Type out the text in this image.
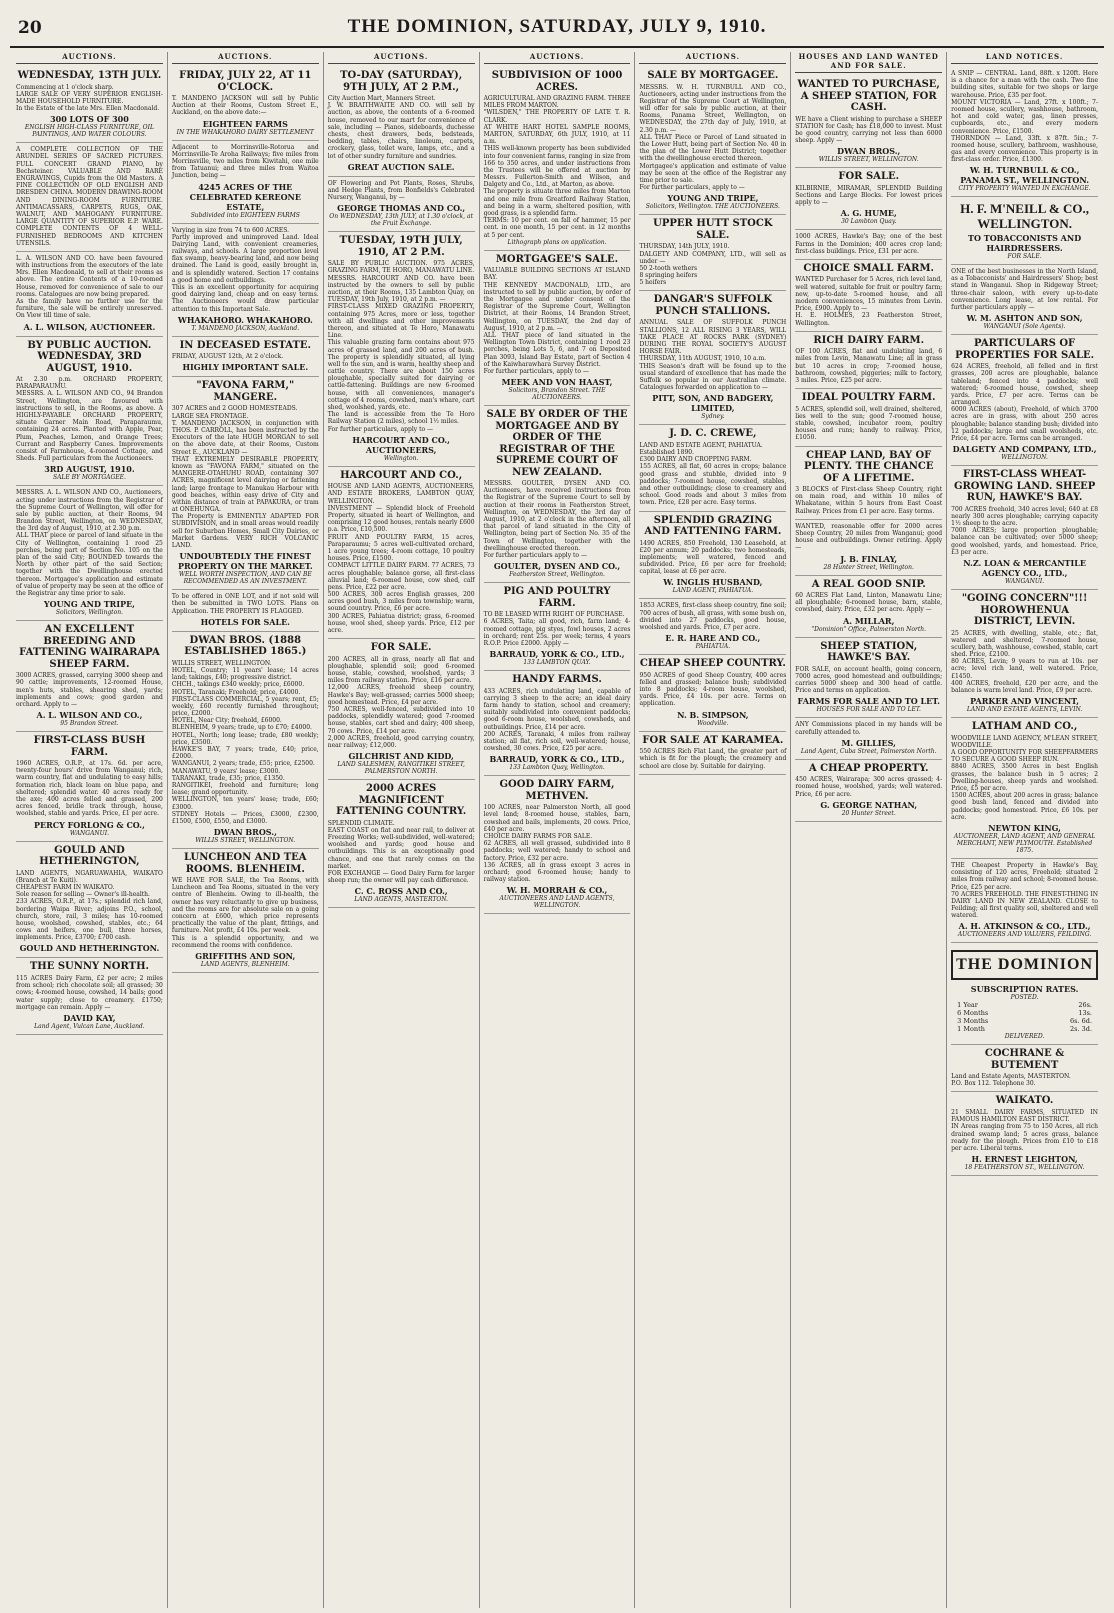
20	THE DOMINION, SATURDAY, JULY 9, 1910.
AUCTIONS.
WEDNESDAY, 13TH JULY.

Commencing at 1 o'clock sharp.
LARGE SALE OF VERY SUPERIOR ENGLISH-MADE HOUSEHOLD FURNITURE.
In the Estate of the late Mrs. Ellen Macdonald.

300 LOTS OF 300
ENGLISH HIGH-CLASS FURNITURE, OIL PAINTINGS, AND WATER COLOURS.

A COMPLETE COLLECTION OF THE ARUNDEL SERIES OF SACRED PICTURES. FULL CONCERT GRAND PIANO, by Bechsteiner. VALUABLE AND RARE ENGRAVINGS, Cupids from the Old Masters. A FINE COLLECTION OF OLD ENGLISH AND DRESDEN CHINA. MODERN DRAWING-ROOM AND DINING-ROOM FURNITURE. ANTIMACASSARS, CARPETS, RUGS, OAK, WALNUT, AND MAHOGANY FURNITURE. LARGE QUANTITY OF SUPERIOR E.P. WARE. COMPLETE CONTENTS OF 4 WELL-FURNISHED BEDROOMS AND KITCHEN UTENSILS.

L. A. WILSON AND CO. have been favoured with instructions from the executors of the late Mrs. Ellen Macdonald, to sell at their rooms as above. The entire Contents of a 10-roomed House, removed for convenience of sale to our rooms. Catalogues are now being prepared.
As the family have no further use for the furniture, the sale will be entirely unreserved. On View till time of sale.

A. L. WILSON, AUCTIONEER.
BY PUBLIC AUCTION. WEDNESDAY, 3RD AUGUST, 1910.

At 2.30 p.m. ORCHARD PROPERTY, PARAPARAUMU.
MESSRS. A. L. WILSON AND CO., 94 Brandon Street, Wellington, are favoured with instructions to sell, in the Rooms, as above. A HIGHLY-PAYABLE ORCHARD PROPERTY, situate Garner Main Road, Paraparaumu, containing 24 acres. Planted with Apple, Pear, Plum, Peaches, Lemon, and Orange Trees; Currant and Raspberry Canes. Improvements consist of Farmhouse, 4-roomed Cottage, and Sheds. Full particulars from the Auctioneers.

3RD AUGUST, 1910.
SALE BY MORTGAGEE.

MESSRS. A. L. WILSON AND CO., Auctioneers, acting under instructions from the Registrar of the Supreme Court of Wellington, will offer for sale by public auction, at their Rooms, 94 Brandon Street, Wellington, on WEDNESDAY, the 3rd day of August, 1910, at 2.30 p.m.
ALL THAT piece or parcel of land situate in the City of Wellington, containing 1 rood 25 perches, being part of Section No. 105 on the plan of the said City; BOUNDED towards the North by other part of the said Section; together with the Dwellinghouse erected thereon. Mortgagee's application and estimate of value of property may be seen at the office of the Registrar any time prior to sale.

YOUNG AND TRIPE,
Solicitors, Wellington.
AN EXCELLENT BREEDING AND FATTENING WAIRARAPA SHEEP FARM.

3000 ACRES, grassed, carrying 3000 sheep and 90 cattle; improvements, 12-roomed House, men's huts, stables, shearing shed, yards; implements and cows; good garden and orchard. Apply to —

A. L. WILSON AND CO.,
95 Brandon Street.
FIRST-CLASS BUSH FARM.

1960 ACRES, O.R.P., at 17s. 6d. per acre, twenty-four hours' drive from Wanganui; rich, warm country, flat and undulating to easy hills; formation rich, black loam on blue papa, and sheltered; splendid water. 40 acres ready for the axe; 400 acres felled and grassed, 200 acres fenced, bridle track through, house, woolshed, stable and yards. Price, £1 per acre.

PERCY FORLONG & CO.,
WANGANUI.
GOULD AND HETHERINGTON,

LAND AGENTS, NGARUAWAHIA, WAIKATO (Branch at Te Kuiti).
CHEAPEST FARM IN WAIKATO.
Sole reason for selling — Owner's ill-health.
233 ACRES, O.R.P., at 17s.; splendid rich land, bordering Waipa River; adjoins P.O., school, church, store, rail, 3 miles; has 10-roomed house, woolshed, cowshed, stables, etc.; 64 cows and heifers, one bull, three horses, implements. Price, £3700; £700 cash.

GOULD AND HETHERINGTON.
THE SUNNY NORTH.

115 ACRES Dairy Farm, £2 per acre; 2 miles from school; rich chocolate soil; all grassed; 30 cows; 4-roomed house, cowshed, 14 bails; good water supply; close to creamery. £1750; mortgage can remain. Apply —

DAVID KAY,
Land Agent, Vulcan Lane, Auckland.
AUCTIONS.
FRIDAY, JULY 22, AT 11 O'CLOCK.

T. MANDENO JACKSON will sell by Public Auction at their Rooms, Custom Street E., Auckland, on the above date:—

EIGHTEEN FARMS
IN THE WHAKAHORO DAIRY SETTLEMENT

Adjacent to Morrinsville-Rotorua and Morrinsville-Te Aroha Railways; five miles from Morrinsville, two miles from Kiwitahi, one mile from Tatuanui; and three miles from Waitoa Junction, being —

4245 ACRES OF THE CELEBRATED KEREONE ESTATE,
Subdivided into EIGHTEEN FARMS

Varying in size from 74 to 600 ACRES.
Partly improved and unimproved Land. Ideal Dairying Land, with convenient creameries, railways, and schools. A large proportion level flax swamp, heavy-bearing land, and now being drained. The Land is good, easily brought in, and is splendidly watered. Section 17 contains a good home and outbuildings.
This is an excellent opportunity for acquiring good dairying land, cheap and on easy terms. The Auctioneers would draw particular attention to this Important Sale.

WHAKAHORO. WHAKAHORO.
T. MANDENO JACKSON, Auckland.
IN DECEASED ESTATE.

FRIDAY, AUGUST 12th, At 2 o'clock.

HIGHLY IMPORTANT SALE.
"FAVONA FARM," MANGERE.

307 ACRES and 2 GOOD HOMESTEADS.
LARGE SEA FRONTAGE.
T. MANDENO JACKSON, in conjunction with THOS. P. CARROLL, has been instructed by the Executors of the late HUGH MORGAN to sell on the above date, at their Rooms, Custom Street E., AUCKLAND —
THAT EXTREMELY DESIRABLE PROPERTY, known as "FAVONA FARM," situated on the MANGERE-OTAHUHU ROAD, containing 307 ACRES, magnificent level dairying or fattening land; large frontage to Manukau Harbour with good beaches, within easy drive of City and within distance of train at PAPAKURA, or tram at ONEHUNGA.
The Property is EMINENTLY ADAPTED FOR SUBDIVISION, and in small areas would readily sell for Suburban Homes, Small City Dairies, or Market Gardens. VERY RICH VOLCANIC LAND.

UNDOUBTEDLY THE FINEST PROPERTY ON THE MARKET.
WELL WORTH INSPECTION, AND CAN BE RECOMMENDED AS AN INVESTMENT.

To be offered in ONE LOT, and if not sold will then be submitted in TWO LOTS. Plans on Application. THE PROPERTY IS FLAGGED.

HOTELS FOR SALE.
DWAN BROS. (1888 ESTABLISHED 1865.)

WILLIS STREET, WELLINGTON.
HOTEL, Country; 11 years' lease; 14 acres land; takings, £40; progressive district.
CHCH., takings £340 weekly; price, £6000.
HOTEL, Taranaki; Freehold; price, £4000.
FIRST-CLASS COMMERCIAL, 5 years; rent, £5; weekly, £60 recently furnished throughout; price, £2000.
HOTEL, Near City; freehold, £6000.
BLENHEIM, 9 years; trade, up to £70; £4000.
HOTEL, North; long lease; trade, £80 weekly; price, £3500.
HAWKE'S BAY, 7 years; trade, £40; price, £2000.
WANGANUI, 2 years; trade, £55; price, £2500.
MANAWATU, 9 years' lease; £3000.
TARANAKI, trade, £35; price, £1350.
RANGITIKEI, freehold and furniture; long lease; grand opportunity.
WELLINGTON, ten years' lease; trade, £60; £3000.
STDNEY Hotels — Prices, £3000, £2300, £1500, £500, £550, and £3000.

DWAN BROS.,
WILLIS STREET, WELLINGTON.
LUNCHEON AND TEA ROOMS. BLENHEIM.

WE HAVE FOR SALE, the Tea Rooms, with Luncheon and Tea Rooms, situated in the very centre of Blenheim. Owing to ill-health, the owner has very reluctantly to give up business, and the rooms are for absolute sale on a going concern at £600, which price represents practically the value of the plant, fittings, and furniture. Net profit, £4 10s. per week.
This is a splendid opportunity, and we recommend the rooms with confidence.

GRIFFITHS AND SON,
LAND AGENTS, BLENHEIM.
AUCTIONS.
TO-DAY (SATURDAY), 9TH JULY, AT 2 P.M.,

City Auction Mart, Manners Street.
J. W. BRAITHWAITE AND CO. will sell by auction, as above, the contents of a 6-roomed house, removed to our mart for convenience of sale, including — Pianos, sideboards, duchesse chests, chest drawers, beds, bedsteads, bedding, tables, chairs, linoleum, carpets, crockery, glass, toilet ware, lamps, etc., and a lot of other sundry furniture and sundries.

GREAT AUCTION SALE.

OF Flowering and Pot Plants, Roses, Shrubs, and Hedge Plants, from Bonfields's Celebrated Nursery, Wanganui, by —

GEORGE THOMAS AND CO.,
On WEDNESDAY, 13th JULY, at 1.30 o'clock, at the Fruit Exchange.
TUESDAY, 19TH JULY, 1910, AT 2 P.M.

SALE BY PUBLIC AUCTION. 975 ACRES, GRAZING FARM, TE HORO, MANAWATU LINE.
MESSRS. HARCOURT AND CO. have been instructed by the owners to sell by public auction, at their Rooms, 135 Lambton Quay, on TUESDAY, 19th July, 1910, at 2 p.m. —
FIRST-CLASS MIXED GRAZING PROPERTY, containing 975 Acres, more or less, together with all dwellings and other improvements thereon, and situated at Te Horo, Manawatu Line.
This valuable grazing farm contains about 975 acres of grassed land, and 200 acres of bush. The property is splendidly situated, all lying well to the sun, and is warm, healthy sheep and cattle country. There are about 150 acres ploughable, specially suited for dairying or cattle-fattening. Buildings are new 6-roomed house, with all conveniences, manager's cottage of 4 rooms, cowshed, man's whare, cart shed, woolshed, yards, etc.
The land is accessible from the Te Horo Railway Station (2 miles), school 1½ miles.
For further particulars, apply to —

HARCOURT AND CO., AUCTIONEERS,
Wellington.
HARCOURT AND CO.,

HOUSE AND LAND AGENTS, AUCTIONEERS, AND ESTATE BROKERS, LAMBTON QUAY, WELLINGTON.
INVESTMENT — Splendid block of Freehold Property, situated in heart of Wellington, and comprising 12 good houses, rentals nearly £600 p.a. Price, £10,500.
FRUIT AND POULTRY FARM, 15 acres, Paraparaumu; 5 acres well-cultivated orchard, 1 acre young trees; 4-room cottage, 10 poultry houses. Price, £1500.
COMPACT LITTLE DAIRY FARM. 77 ACRES, 73 acres ploughable; balance gorse, all first-class alluvial land; 6-roomed house, cow shed, calf pens. Price, £22 per acre.
500 ACRES, 300 acres English grasses, 200 acres good bush, 3 miles from township; warm, sound country. Price, £6 per acre.
300 ACRES, Pahiatua district; grass, 6-roomed house, wool shed, sheep yards. Price, £12 per acre.

FOR SALE.

200 ACRES, all in grass, nearly all flat and ploughable, splendid soil; good 6-roomed house, stable, cowshed, woolshed, yards; 3 miles from railway station. Price, £16 per acre.
12,000 ACRES, freehold sheep country, Hawke's Bay; well-grassed; carries 5000 sheep; good homestead. Price, £4 per acre.
750 ACRES, well-fenced, subdivided into 10 paddocks, splendidly watered; good 7-roomed house, stables, cart shed and dairy; 400 sheep, 70 cows. Price, £14 per acre.
2,000 ACRES, freehold, good carrying country, near railway; £12,000.

GILCHRIST AND KIDD,
LAND SALESMEN, RANGITIKEI STREET, PALMERSTON NORTH.
2000 ACRES MAGNIFICENT FATTENING COUNTRY.

SPLENDID CLIMATE.
EAST COAST on flat and near rail, to deliver at Freezing Works; well-subdivided, well-watered; woolshed and yards; good house and outbuildings. This is an exceptionally good chance, and one that rarely comes on the market.
FOR EXCHANGE — Good Dairy Farm for larger sheep run; the owner will pay cash difference.

C. C. ROSS AND CO.,
LAND AGENTS, MASTERTON.
AUCTIONS.
SUBDIVISION OF 1000 ACRES.

AGRICULTURAL AND GRAZING FARM. THREE MILES FROM MARTON.
"WILSDEN," THE PROPERTY OF LATE T. R. CLARK.
AT WHITE HART HOTEL SAMPLE ROOMS, MARTON, SATURDAY, 6th JULY, 1910, at 11 a.m.
THIS well-known property has been subdivided into four convenient farms, ranging in size from 166 to 350 acres, and under instructions from the Trustees will be offered at auction by Messrs. Fullerton-Smith and Wilson, and Dalgety and Co., Ltd., at Marton, as above.
The property is situate three miles from Marton and one mile from Greatford Railway Station, and being in a warm, sheltered position, with good grass, is a splendid farm.
TERMS: 10 per cent. on fall of hammer, 15 per cent. in one month, 15 per cent. in 12 months at 5 per cent.

Lithograph plans on application.
MORTGAGEE'S SALE.

VALUABLE BUILDING SECTIONS AT ISLAND BAY.
THE KENNEDY MACDONALD, LTD., are instructed to sell by public auction, by order of the Mortgagee and under consent of the Registrar of the Supreme Court, Wellington District, at their Rooms, 14 Brandon Street, Wellington, on TUESDAY, the 2nd day of August, 1910, at 2 p.m. —
ALL THAT piece of land situated in the Wellington Town District, containing 1 rood 23 perches, being Lots 5, 6, and 7 on Deposited Plan 3093, Island Bay Estate, part of Section 4 of the Kaiwharawhara Survey District.
For further particulars, apply to —

MEEK AND VON HAAST,
Solicitors, Brandon Street. THE AUCTIONEERS.
SALE BY ORDER OF THE MORTGAGEE AND BY ORDER OF THE REGISTRAR OF THE SUPREME COURT OF NEW ZEALAND.

MESSRS. GOULTER, DYSEN AND CO. Auctioneers, have received instructions from the Registrar of the Supreme Court to sell by auction at their rooms in Featherston Street, Wellington, on WEDNESDAY, the 3rd day of August, 1910, at 2 o'clock in the afternoon, all that parcel of land situated in the City of Wellington, being part of Section No. 35 of the Town of Wellington, together with the dwellinghouse erected thereon.
For further particulars apply to —

GOULTER, DYSEN AND CO.,
Featherston Street, Wellington.
PIG AND POULTRY FARM.

TO BE LEASED WITH RIGHT OF PURCHASE.
6 ACRES, Taita; all good, rich, farm land; 4-roomed cottage, pig styes, fowl houses, 2 acres in orchard; rent 25s. per week; terms, 4 years R.O.P. Price £2000. Apply —

BARRAUD, YORK & CO., LTD.,
133 LAMBTON QUAY.
HANDY FARMS.

433 ACRES, rich undulating land, capable of carrying 3 sheep to the acre; an ideal dairy farm handy to station, school and creamery; suitably subdivided into convenient paddocks; good 6-room house, woolshed, cowsheds, and outbuildings. Price, £14 per acre.
200 ACRES, Taranaki, 4 miles from railway station; all flat, rich soil, well-watered; house, cowshed, 30 cows. Price, £25 per acre.

BARRAUD, YORK & CO., LTD.,
133 Lambton Quay, Wellington.
GOOD DAIRY FARM, METHVEN.

100 ACRES, near Palmerston North, all good level land; 8-roomed house, stables, barn, cowshed and bails, implements, 20 cows. Price, £40 per acre.
CHOICE DAIRY FARMS FOR SALE.
62 ACRES, all well grassed, subdivided into 8 paddocks; well watered; handy to school and factory. Price, £32 per acre.
136 ACRES, all in grass except 3 acres in orchard; good 6-roomed house; handy to railway station.

W. H. MORRAH & CO.,
AUCTIONEERS AND LAND AGENTS, WELLINGTON.
AUCTIONS.
SALE BY MORTGAGEE.

MESSRS. W. H. TURNBULL AND CO., Auctioneers, acting under instructions from the Registrar of the Supreme Court at Wellington, will offer for sale by public auction, at their Rooms, Panama Street, Wellington, on WEDNESDAY, the 27th day of July, 1910, at 2.30 p.m. —
ALL THAT Piece or Parcel of Land situated in the Lower Hutt, being part of Section No. 40 in the plan of the Lower Hutt District; together with the dwellinghouse erected thereon.
Mortgagee's application and estimate of value may be seen at the office of the Registrar any time prior to sale.
For further particulars, apply to —

YOUNG AND TRIPE,
Solicitors, Wellington. THE AUCTIONEERS.
UPPER HUTT STOCK SALE.

THURSDAY, 14th JULY, 1910.
DALGETY AND COMPANY, LTD., will sell as under —
50 2-tooth wethers
8 springing heifers
5 heifers

DANGAR'S SUFFOLK PUNCH STALLIONS.

ANNUAL SALE OF SUFFOLK PUNCH STALLIONS, 12 ALL RISING 3 YEARS, WILL TAKE PLACE AT ROCKS PARK (SYDNEY) DURING THE ROYAL SOCIETY'S AUGUST HORSE FAIR.
THURSDAY, 11th AUGUST, 1910, 10 a.m.
THIS Season's draft will be found up to the usual standard of excellence that has made the Suffolk so popular in our Australian climate. Catalogues forwarded on application to —

PITT, SON, AND BADGERY, LIMITED,
Sydney.
J. D. C. CREWE,

LAND AND ESTATE AGENT, PAHIATUA.
Established 1890.
£300 DAIRY AND CROPPING FARM.
155 ACRES, all flat, 60 acres in crops; balance good grass and stubble, divided into 9 paddocks; 7-roomed house, cowshed, stables, and other outbuildings; close to creamery and school. Good roads and about 3 miles from town. Price, £28 per acre. Easy terms.

SPLENDID GRAZING AND FATTENING FARM.

1490 ACRES, 850 Freehold, 130 Leasehold, at £20 per annum; 20 paddocks; two homesteads, implements; well watered, fenced and subdivided. Price, £6 per acre for freehold; capital, lease at £6 per acre.

W. INGLIS HUSBAND,
LAND AGENT, PAHIATUA.

1853 ACRES, first-class sheep country, fine soil; 700 acres of bush, all grass, with some bush on, divided into 27 paddocks, good house, woolshed and yards. Price, £7 per acre.

E. R. HARE AND CO.,
PAHIATUA.
CHEAP SHEEP COUNTRY.

950 ACRES of good Sheep Country, 400 acres felled and grassed; balance bush; subdivided into 8 paddocks; 4-room house, woolshed, yards. Price, £4 10s. per acre. Terms on application.

N. B. SIMPSON,
Woodville.
FOR SALE AT KARAMEA.

550 ACRES Rich Flat Land, the greater part of which is fit for the plough; the creamery and school are close by. Suitable for dairying.

HOUSES AND LAND WANTED AND FOR SALE.
WANTED TO PURCHASE, A SHEEP STATION, FOR CASH.

WE have a Client wishing to purchase a SHEEP STATION for Cash; has £18,000 to invest. Must be good country, carrying not less than 6000 sheep. Apply —

DWAN BROS.,
WILLIS STREET, WELLINGTON.
FOR SALE.

KILBIRNIE, MIRAMAR, SPLENDID Building Sections and Large Blocks. For lowest prices apply to —

A. G. HUME,
30 Lambton Quay.

1000 ACRES, Hawke's Bay; one of the best Farms in the Dominion; 400 acres crop land; first-class buildings. Price, £31 per acre.

CHOICE SMALL FARM.

WANTED Purchaser for 5 Acres, rich level land, well watered, suitable for fruit or poultry farm; new, up-to-date 5-roomed house, and all modern conveniences, 15 minutes from Levin. Price, £900. Apply to —
H. E. HOLMES, 23 Featherston Street, Wellington.

RICH DAIRY FARM.

OF 100 ACRES, flat and undulating land, 6 miles from Levin, Manawatu Line; all in grass but 10 acres in crop; 7-roomed house, bathroom, cowshed, piggeries; milk to factory, 3 miles. Price, £25 per acre.

IDEAL POULTRY FARM.

5 ACRES, splendid soil, well drained, sheltered, lies well to the sun; good 7-roomed house, stable, cowshed, incubator room, poultry houses and runs; handy to railway. Price, £1050.

CHEAP LAND, BAY OF PLENTY. THE CHANCE OF A LIFETIME.

3 BLOCKS of First-class Sheep Country, right on main road, and within 10 miles of Whakatane, within 5 hours from East Coast Railway. Prices from £1 per acre. Easy terms.

WANTED, reasonable offer for 2000 acres Sheep Country, 20 miles from Wanganui; good house and outbuildings. Owner retiring. Apply —

J. B. FINLAY,
28 Hunter Street, Wellington.
A REAL GOOD SNIP.

60 ACRES Flat Land, Linton, Manawatu Line; all ploughable; 6-roomed house, barn, stable, cowshed, dairy. Price, £32 per acre. Apply —

A. MILLAR,
"Dominion" Office, Palmerston North.
SHEEP STATION, HAWKE'S BAY.

FOR SALE, on account health, going concern, 7000 acres, good homestead and outbuildings; carries 5000 sheep and 300 head of cattle. Price and terms on application.

FARMS FOR SALE AND TO LET.
HOUSES FOR SALE AND TO LET.

ANY Commissions placed in my hands will be carefully attended to.

M. GILLIES,
Land Agent, Cuba Street, Palmerston North.
A CHEAP PROPERTY.

450 ACRES, Wairarapa; 300 acres grassed; 4-roomed house, woolshed, yards; well watered. Price, £6 per acre.

G. GEORGE NATHAN,
20 Hunter Street.
LAND NOTICES.

A SNIP — CENTRAL. Land, 88ft. x 120ft. Here is a chance for a man with the cash. Two fine building sites, suitable for two shops or large warehouse. Price, £35 per foot.
MOUNT VICTORIA — Land, 27ft. x 100ft.; 7-roomed house, scullery, washhouse, bathroom, hot and cold water, gas, linen presses, cupboards, etc., and every modern convenience. Price, £1500.
THORNDON — Land, 33ft. x 87ft. 5in.; 7-roomed house, scullery, bathroom, washhouse, gas and every convenience. This property is in first-class order. Price, £1300.

W. H. TURNBULL & CO., PANAMA ST., WELLINGTON.
CITY PROPERTY WANTED IN EXCHANGE.
H. F. M'NEILL & CO., WELLINGTON.
TO TOBACCONISTS AND HAIRDRESSERS.
FOR SALE.

ONE of the best businesses in the North Island, as a Tobacconists' and Hairdressers' Shop; best stand in Wanganui. Shop in Ridgeway Street; three-chair saloon, with every up-to-date convenience. Long lease, at low rental. For further particulars apply —

W. M. ASHTON AND SON,
WANGANUI (Sole Agents).
PARTICULARS OF PROPERTIES FOR SALE.

624 ACRES, freehold, all felled and in first grasses, 200 acres are ploughable, balance tableland; fenced into 4 paddocks; well watered; 6-roomed house, cowshed, sheep yards. Price, £7 per acre. Terms can be arranged.
6000 ACRES (about), Freehold, of which 3700 acres are in grass, with about 250 acres ploughable; balance standing bush; divided into 12 paddocks; large and small woolsheds, etc. Price, £4 per acre. Terms can be arranged.

DALGETY AND COMPANY, LTD.,
WELLINGTON.
FIRST-CLASS WHEAT-GROWING LAND. SHEEP RUN, HAWKE'S BAY.

700 ACRES freehold, 340 acres level; 640 at £8 nearly 300 acres ploughable; carrying capacity 1½ sheep to the acre.
7000 ACRES; large proportion ploughable; balance can be cultivated; over 5000 sheep; good woolshed, yards, and homestead. Price, £3 per acre.

N.Z. LOAN & MERCANTILE AGENCY CO., LTD.,
WANGANUI.
"GOING CONCERN"!!! HOROWHENUA DISTRICT, LEVIN.

25 ACRES, with dwelling, stable, etc.; flat, watered and sheltered; 7-roomed house, scullery, bath, washhouse, cowshed, stable, cart shed. Price, £2100.
80 ACRES, Levin; 9 years to run at 10s. per acre; level rich land, well watered. Price, £1450.
400 ACRES, freehold, £20 per acre, and the balance is warm level land. Price, £9 per acre.

PARKER AND VINCENT,
LAND AND ESTATE AGENTS, LEVIN.
LATHAM AND CO.,

WOODVILLE LAND AGENCY, M'LEAN STREET, WOODVILLE.
A GOOD OPPORTUNITY FOR SHEEPFARMERS TO SECURE A GOOD SHEEP RUN.
8840 ACRES, 3500 Acres in best English grasses, the balance bush in 5 acres; 2 Dwelling-houses, sheep yards and woolshed. Price, £5 per acre.
1500 ACRES, about 200 acres in grass; balance good bush land, fenced and divided into paddocks; good homestead. Price, £6 10s. per acre.

NEWTON KING,
AUCTIONEER, LAND AGENT, AND GENERAL MERCHANT, NEW PLYMOUTH. Established 1875.

THE Cheapest Property in Hawke's Bay, consisting of 120 acres, Freehold; situated 2 miles from railway and school; 8-roomed house. Price, £25 per acre.
70 ACRES FREEHOLD. THE FINEST-THING IN DAIRY LAND IN NEW ZEALAND. CLOSE to Feilding; all first quality soil, sheltered and well watered.

A. H. ATKINSON & CO., LTD.,
AUCTIONEERS AND VALUERS, FEILDING.
THE DOMINION
SUBSCRIPTION RATES.
POSTED.
1 Year	26s.
6 Months	13s.
3 Months	6s. 6d.
1 Month	2s. 3d.
DELIVERED.
COCHRANE & BUTEMENT

Land and Estate Agents, MASTERTON.
P.O. Box 112. Telephone 30.

WAIKATO.

21 SMALL DAIRY FARMS, SITUATED IN FAMOUS HAMILTON EAST DISTRICT.
IN Areas ranging from 75 to 150 Acres, all rich drained swamp land; 5 acres grass, balance ready for the plough. Prices from £10 to £18 per acre. Liberal terms.

H. ERNEST LEIGHTON,
18 FEATHERSTON ST., WELLINGTON.
